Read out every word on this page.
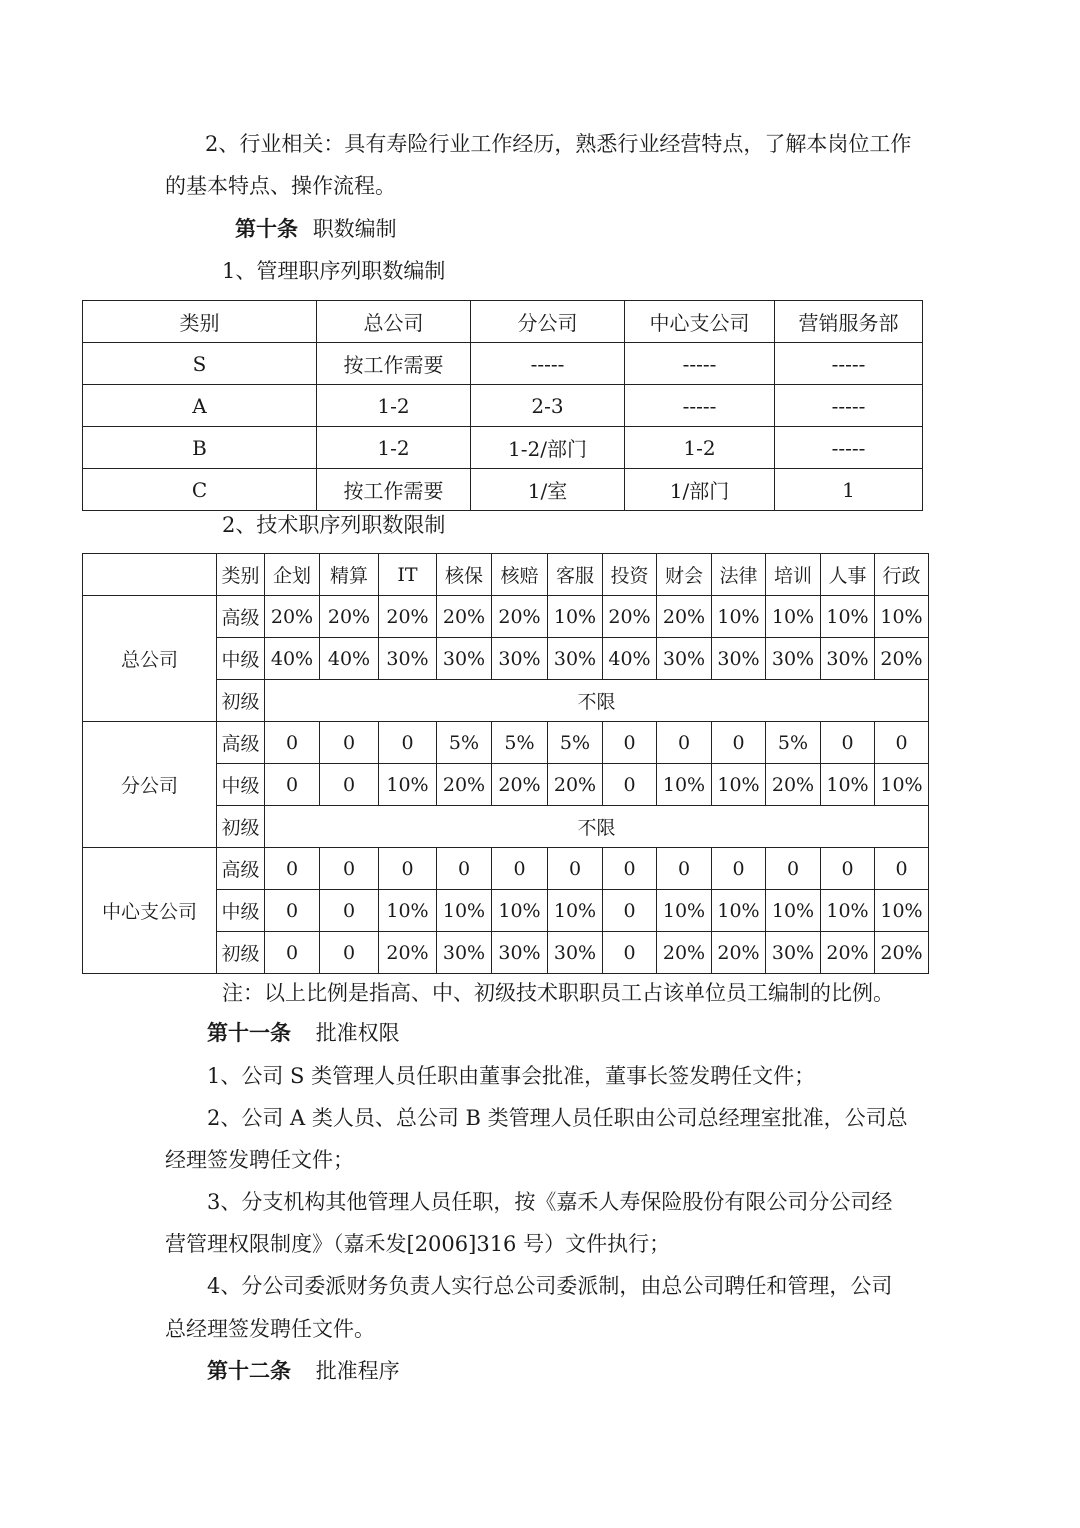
2、行业相关：具有寿险行业工作经历，熟悉行业经营特点，了解本岗位工作
的基本特点、操作流程。
第十条 职数编制
1、管理职序列职数编制
类别	总公司	分公司	中心支公司	营销服务部
S	按工作需要	-----	-----	-----
A	1-2	2-3	-----	-----
B	1-2	1-2/部门	1-2	-----
C	按工作需要	1/室	1/部门	1
2、技术职序列职数限制
	类别	企划	精算	IT	核保	核赔	客服	投资	财会	法律	培训	人事	行政
总公司	高级	20%	20%	20%	20%	20%	10%	20%	20%	10%	10%	10%	10%
	中级	40%	40%	30%	30%	30%	30%	40%	30%	30%	30%	30%	20%
	初级	不限											
分公司	高级	0	0	0	5%	5%	5%	0	0	0	5%	0	0
	中级	0	0	10%	20%	20%	20%	0	10%	10%	20%	10%	10%
	初级	不限											
中心支公司	高级	0	0	0	0	0	0	0	0	0	0	0	0
	中级	0	0	10%	10%	10%	10%	0	10%	10%	10%	10%	10%
	初级	0	0	20%	30%	30%	30%	0	20%	20%	30%	20%	20%
注：以上比例是指高、中、初级技术职职员工占该单位员工编制的比例。
第十一条 批准权限
1、公司 S 类管理人员任职由董事会批准，董事长签发聘任文件；
2、公司 A 类人员、总公司 B 类管理人员任职由公司总经理室批准，公司总
经理签发聘任文件；
3、分支机构其他管理人员任职，按《嘉禾人寿保险股份有限公司分公司经
营管理权限制度》（嘉禾发[2006]316 号）文件执行；
4、分公司委派财务负责人实行总公司委派制，由总公司聘任和管理，公司
总经理签发聘任文件。
第十二条 批准程序
